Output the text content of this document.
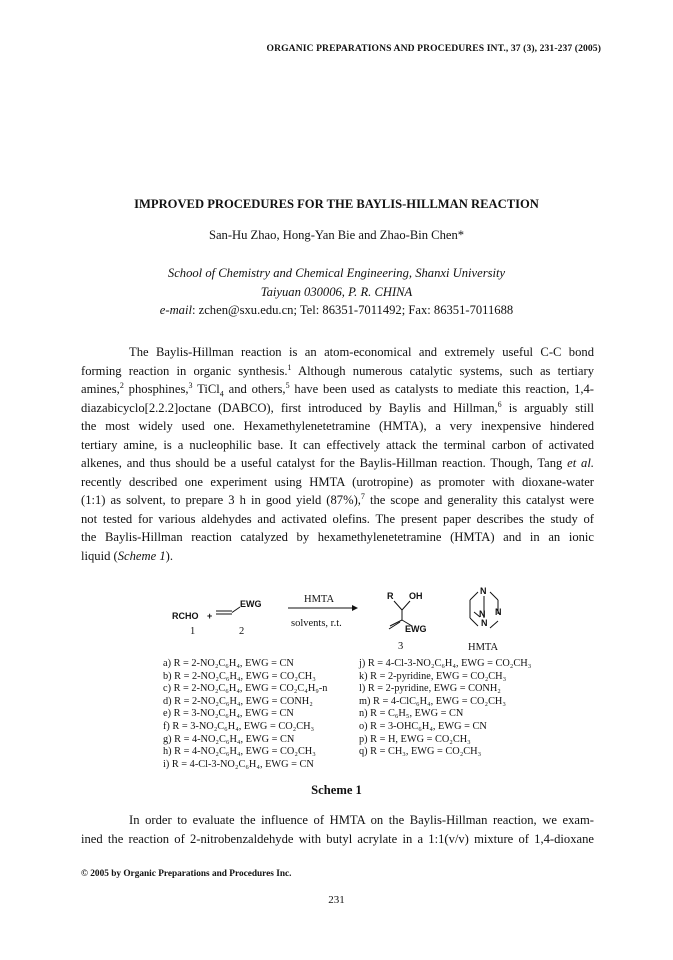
ORGANIC PREPARATIONS AND PROCEDURES INT., 37 (3), 231-237 (2005)
IMPROVED PROCEDURES FOR THE BAYLIS-HILLMAN REACTION
San-Hu Zhao, Hong-Yan Bie and Zhao-Bin Chen*
School of Chemistry and Chemical Engineering, Shanxi University
Taiyuan 030006, P. R. CHINA
e-mail: zchen@sxu.edu.cn; Tel: 86351-7011492; Fax: 86351-7011688
The Baylis-Hillman reaction is an atom-economical and extremely useful C-C bond
forming reaction in organic synthesis.$^1$ Although numerous catalytic systems, such as tertiary
amines,$^2$ phosphines,$^3$ TiCl$_4$ and others,$^5$ have been used as catalysts to mediate this reaction, 1,4-
diazabicyclo[2.2.2]octane (DABCO), first introduced by Baylis and Hillman,$^6$ is arguably still
the most widely used one. Hexamethylenetetramine (HMTA), a very inexpensive hindered
tertiary amine, is a nucleophilic base. It can effectively attack the terminal carbon of activated
alkenes, and thus should be a useful catalyst for the Baylis-Hillman reaction. Though, Tang et al.
recently described one experiment using HMTA (urotropine) as promoter with dioxane-water
(1:1) as solvent, to prepare 3 h in good yield (87%),$^7$ the scope and generality this catalyst were
not tested for various aldehydes and activated olefins. The present paper describes the study of
the Baylis-Hillman reaction catalyzed by hexamethylenetetramine (HMTA) and in an ionic
liquid (Scheme 1).
RCHO +
EWG
1	2
HMTA
solvents, r.t.
R OH
EWG
3
N
N N
N
HMTA
a) R = 2-NO₂C₆H₄, EWG = CN
b) R = 2-NO₂C₆H₄, EWG = CO₂CH₃
c) R = 2-NO₂C₆H₄, EWG = CO₂C₄H₉-n
d) R = 2-NO₂C₆H₄, EWG = CONH₂
e) R = 3-NO₂C₆H₄, EWG = CN
f) R = 3-NO₂C₆H₄, EWG = CO₂CH₃
g) R = 4-NO₂C₆H₄, EWG = CN
h) R = 4-NO₂C₆H₄, EWG = CO₂CH₃
i) R = 4-Cl-3-NO₂C₆H₄, EWG = CN
j) R = 4-Cl-3-NO₂C₆H₄, EWG = CO₂CH₃
k) R = 2-pyridine, EWG = CO₂CH₃
l) R = 2-pyridine, EWG = CONH₂
m) R = 4-ClC₆H₄, EWG = CO₂CH₃
n) R = C₆H₅, EWG = CN
o) R = 3-OHC₆H₄, EWG = CN
p) R = H, EWG = CO₂CH₃
q) R = CH₃, EWG = CO₂CH₃
Scheme 1
In order to evaluate the influence of HMTA on the Baylis-Hillman reaction, we exam-
ined the reaction of 2-nitrobenzaldehyde with butyl acrylate in a 1:1(v/v) mixture of 1,4-dioxane
© 2005 by Organic Preparations and Procedures Inc.
231
